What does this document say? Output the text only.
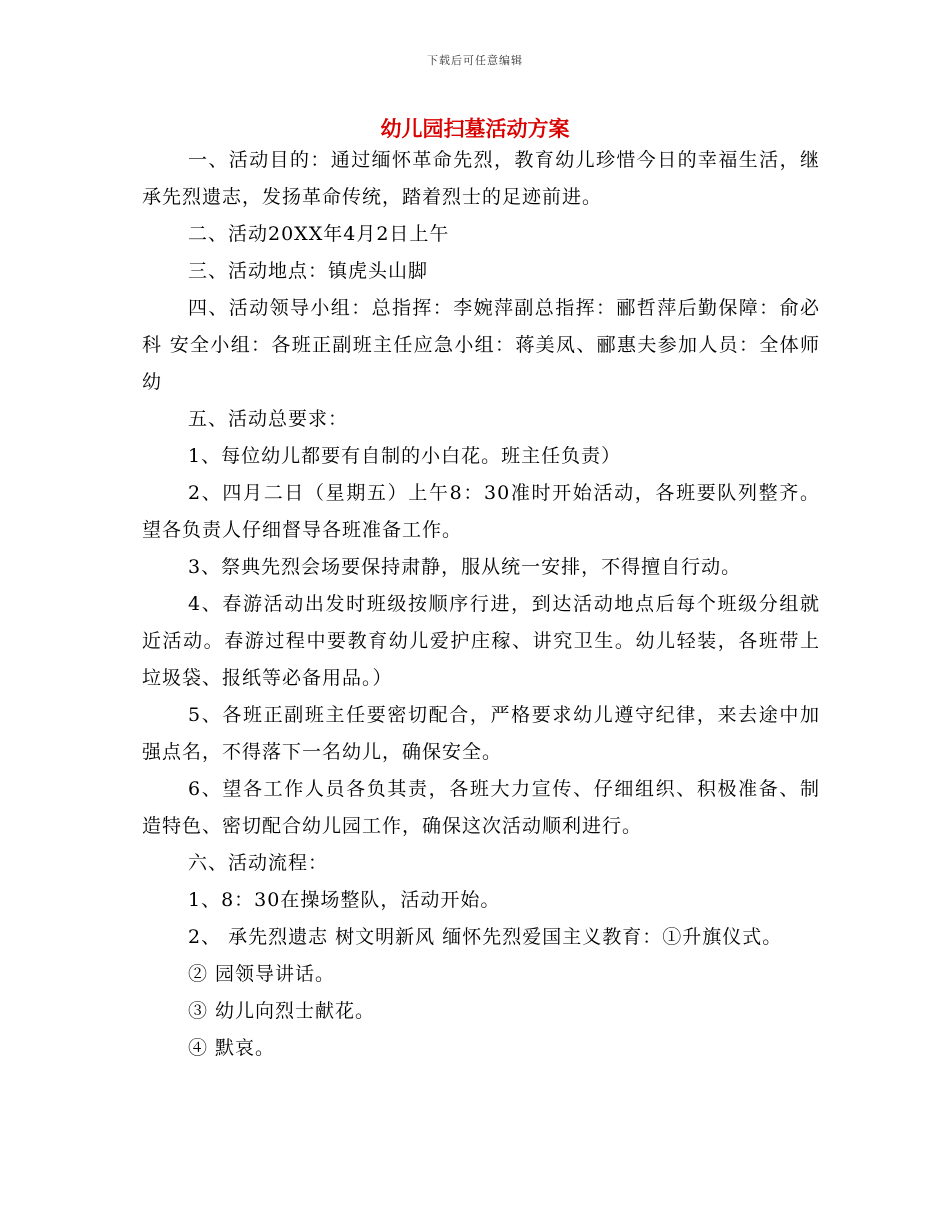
下载后可任意编辑
幼儿园扫墓活动方案

一、活动目的：通过缅怀革命先烈，教育幼儿珍惜今日的幸福生活，继承先烈遗志，发扬革命传统，踏着烈士的足迹前进。

二、活动20XX年4月2日上午

三、活动地点：镇虎头山脚

四、活动领导小组：总指挥：李婉萍副总指挥：郦哲萍后勤保障：俞必科 安全小组：各班正副班主任应急小组：蒋美凤、郦惠夫参加人员：全体师幼

五、活动总要求：

1、每位幼儿都要有自制的小白花。班主任负责）

2、四月二日（星期五）上午8：30准时开始活动，各班要队列整齐。望各负责人仔细督导各班准备工作。

3、祭典先烈会场要保持肃静，服从统一安排，不得擅自行动。

4、春游活动出发时班级按顺序行进，到达活动地点后每个班级分组就近活动。春游过程中要教育幼儿爱护庄稼、讲究卫生。幼儿轻装，各班带上垃圾袋、报纸等必备用品。）

5、各班正副班主任要密切配合，严格要求幼儿遵守纪律，来去途中加强点名，不得落下一名幼儿，确保安全。

6、望各工作人员各负其责，各班大力宣传、仔细组织、积极准备、制造特色、密切配合幼儿园工作，确保这次活动顺利进行。

六、活动流程：

1、8：30在操场整队，活动开始。

2、 承先烈遗志 树文明新风 缅怀先烈爱国主义教育：①升旗仪式。

② 园领导讲话。

③ 幼儿向烈士献花。

④ 默哀。
